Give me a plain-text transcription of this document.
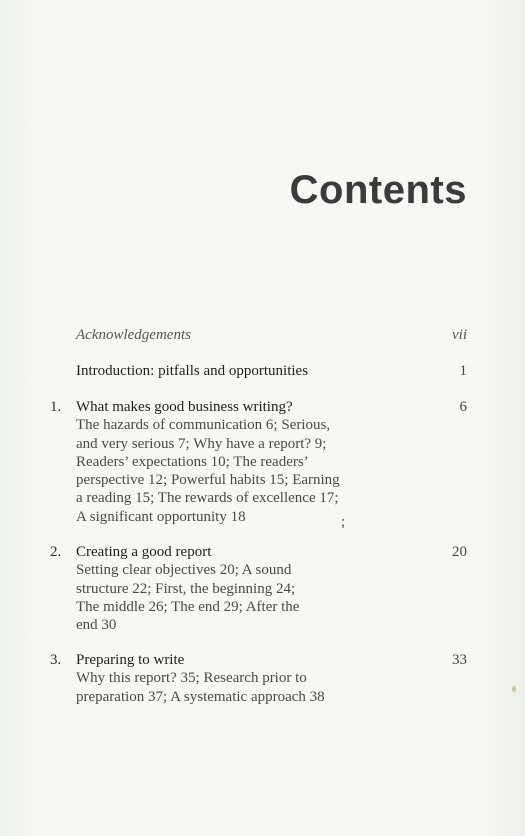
Contents
Acknowledgements	vii
Introduction: pitfalls and opportunities	1
1. What makes good business writing?
The hazards of communication 6; Serious,
and very serious 7; Why have a report? 9;
Readers’ expectations 10; The readers’
perspective 12; Powerful habits 15; Earning
a reading 15; The rewards of excellence 17;
A significant opportunity 18
6
;
2. Creating a good report
Setting clear objectives 20; A sound
structure 22; First, the beginning 24;
The middle 26; The end 29; After the
end 30
20
3. Preparing to write
Why this report? 35; Research prior to
preparation 37; A systematic approach 38
33
